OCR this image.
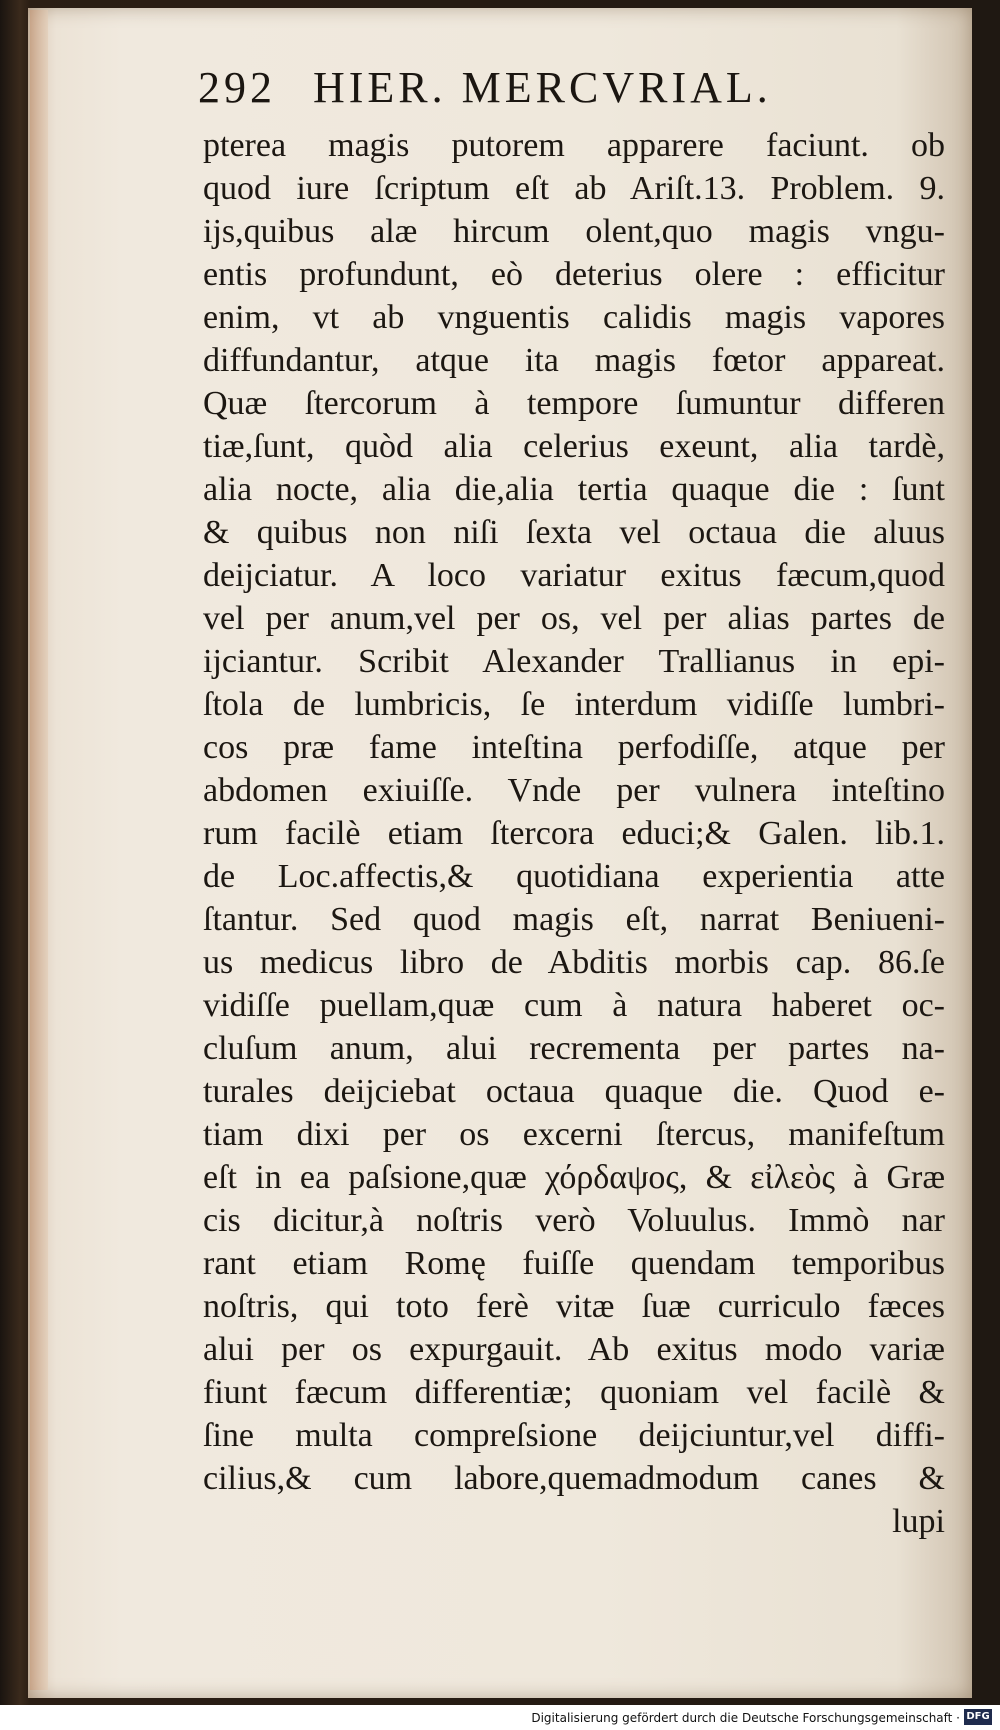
292 HIER. MERCVRIAL.
pterea magis putorem apparere faciunt. ob
quod iure ſcriptum eſt ab Ariſt.13. Problem. 9.
ijs,quibus alæ hircum olent,quo magis vngu-
entis profundunt, eò deterius olere : efficitur
enim, vt ab vnguentis calidis magis vapores
diffundantur, atque ita magis fœtor appareat.
Quæ ſtercorum à tempore ſumuntur differen
tiæ,ſunt, quòd alia celerius exeunt, alia tardè,
alia nocte, alia die,alia tertia quaque die : ſunt
& quibus non niſi ſexta vel octaua die aluus
deijciatur. A loco variatur exitus fæcum,quod
vel per anum,vel per os, vel per alias partes de
ijciantur. Scribit Alexander Trallianus in epi-
ſtola de lumbricis, ſe interdum vidiſſe lumbri-
cos præ fame inteſtina perfodiſſe, atque per
abdomen exiuiſſe. Vnde per vulnera inteſtino
rum facilè etiam ſtercora educi;& Galen. lib.1.
de Loc.affectis,& quotidiana experientia atte
ſtantur. Sed quod magis eſt, narrat Beniueni-
us medicus libro de Abditis morbis cap. 86.ſe
vidiſſe puellam,quæ cum à natura haberet oc-
cluſum anum, alui recrementa per partes na-
turales deijciebat octaua quaque die. Quod e-
tiam dixi per os excerni ſtercus, manifeſtum
eſt in ea paſsione,quæ χόρδαψος, & εἰλεὸς à Græ
cis dicitur,à noſtris verò Voluulus. Immò nar
rant etiam Romę fuiſſe quendam temporibus
noſtris, qui toto ferè vitæ ſuæ curriculo fæces
alui per os expurgauit. Ab exitus modo variæ
fiunt fæcum differentiæ; quoniam vel facilè &
ſine multa compreſsione deijciuntur,vel diffi-
cilius,& cum labore,quemadmodum canes &
lupi
Digitalisierung gefördert durch die Deutsche Forschungsgemeinschaft · DFG
